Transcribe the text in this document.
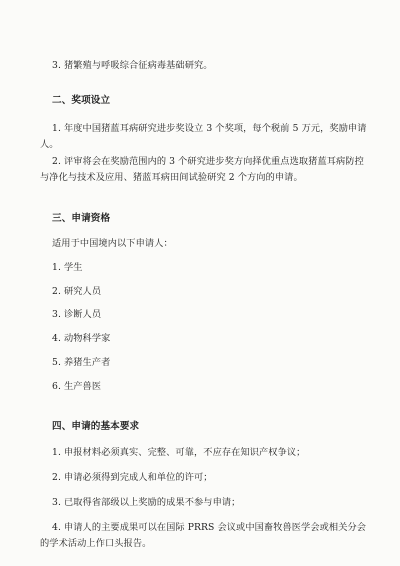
3. 猪繁殖与呼吸综合征病毒基础研究。
二、奖项设立
1. 年度中国猪蓝耳病研究进步奖设立 3 个奖项，每个税前 5 万元，奖励申请
人。
2. 评审将会在奖励范围内的 3 个研究进步奖方向择优重点选取猪蓝耳病防控
与净化与技术及应用、猪蓝耳病田间试验研究 2 个方向的申请。
三、申请资格
适用于中国境内以下申请人：
1. 学生
2. 研究人员
3. 诊断人员
4. 动物科学家
5. 养猪生产者
6. 生产兽医
四、申请的基本要求
1. 申报材料必须真实、完整、可靠，不应存在知识产权争议；
2. 申请必须得到完成人和单位的许可；
3. 已取得省部级以上奖励的成果不参与申请；
4. 申请人的主要成果可以在国际 PRRS 会议或中国畜牧兽医学会或相关分会
的学术活动上作口头报告。
